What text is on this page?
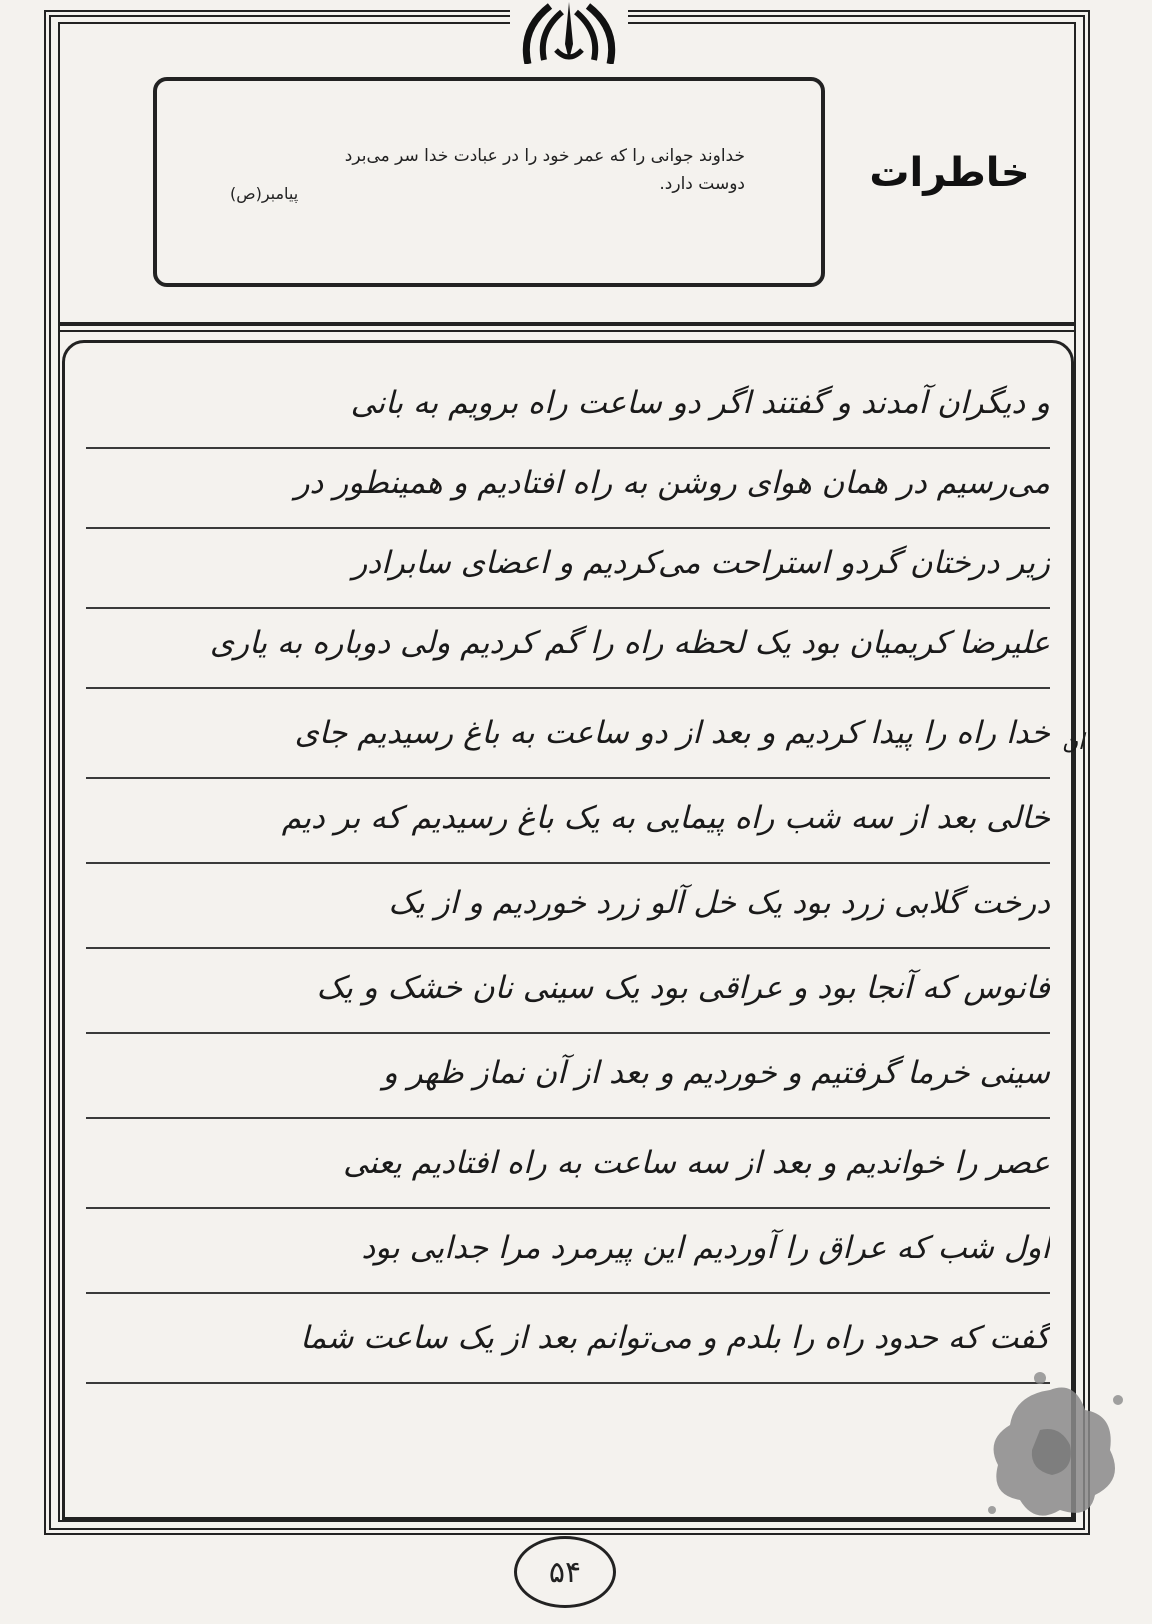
خداوند جوانی را که عمر خود را در عبادت خدا سر می‌برد
دوست دارد.
پیامبر(ص)	خاطرات
و دیگران آمدند و گفتند اگر دو ساعت راه برویم به بانی
می‌رسیم در همان هوای روشن به راه افتادیم و همینطور در
زیر درختان گردو استراحت می‌کردیم و اعضای سابرادر
علیرضا کریمیان بود یک لحظه راه را گم کردیم ولی دوباره به یاری
خدا راه را پیدا کردیم و بعد از دو ساعت به باغ رسیدیم جای
خالی بعد از سه شب راه پیمایی به یک باغ رسیدیم که بر دیم
درخت گلابی زرد بود یک خل آلو زرد خوردیم و از یک
فانوس که آنجا بود و عراقی بود یک سینی نان خشک و یک
سینی خرما گرفتیم و خوردیم و بعد از آن نماز ظهر و
عصر را خواندیم و بعد از سه ساعت به راه افتادیم یعنی
اول شب که عراق را آوردیم این پیرمرد مرا جدایی بود
گفت که حدود راه را بلدم و می‌توانم بعد از یک ساعت شما
ان
۵۴
